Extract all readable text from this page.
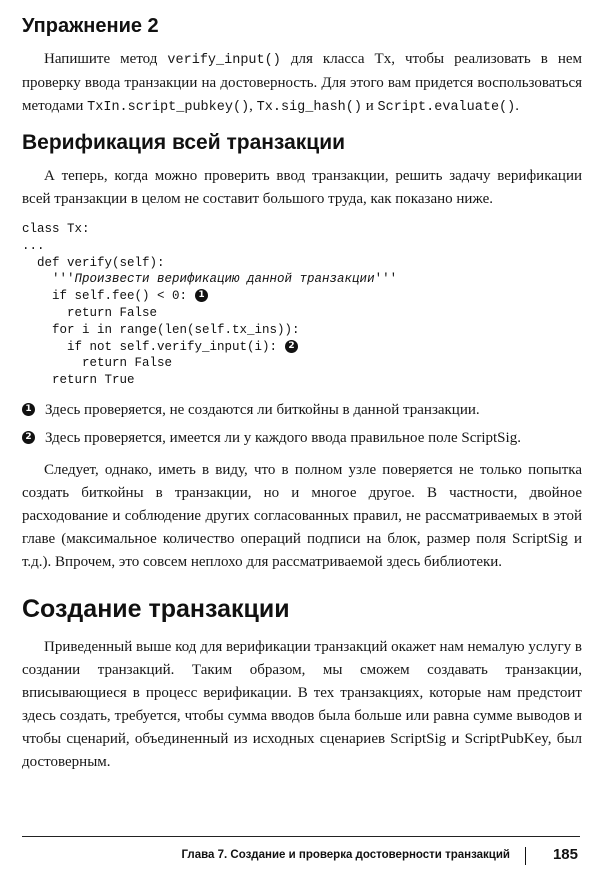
Упражнение 2

Напишите метод verify_input() для класса Tx, чтобы реализовать в нем проверку ввода транзакции на достоверность. Для этого вам придется воспользоваться методами TxIn.script_pubkey(), Tx.sig_hash() и Script.evaluate().

Верификация всей транзакции

А теперь, когда можно проверить ввод транзакции, решить задачу верификации всей транзакции в целом не составит большого труда, как показано ниже.

class Tx:
...
def verify(self):
'''Произвести верификацию данной транзакции'''
if self.fee() < 0: 1
return False
for i in range(len(self.tx_ins)):
if not self.verify_input(i): 2
return False
return True
1 Здесь проверяется, не создаются ли биткойны в данной транзакции.
2 Здесь проверяется, имеется ли у каждого ввода правильное поле ScriptSig.

Следует, однако, иметь в виду, что в полном узле поверяется не только попытка создать биткойны в транзакции, но и многое другое. В частности, двойное расходование и соблюдение других согласованных правил, не рассматриваемых в этой главе (максимальное количество операций подписи на блок, размер поля ScriptSig и т.д.). Впрочем, это совсем неплохо для рассматриваемой здесь библиотеки.

Создание транзакции

Приведенный выше код для верификации транзакций окажет нам немалую услугу в создании транзакций. Таким образом, мы сможем создавать транзакции, вписывающиеся в процесс верификации. В тех транзакциях, которые нам предстоит здесь создать, требуется, чтобы сумма вводов была больше или равна сумме выводов и чтобы сценарий, объединенный из исходных сценариев ScriptSig и ScriptPubKey, был достоверным.

Глава 7. Создание и проверка достоверности транзакций	185
